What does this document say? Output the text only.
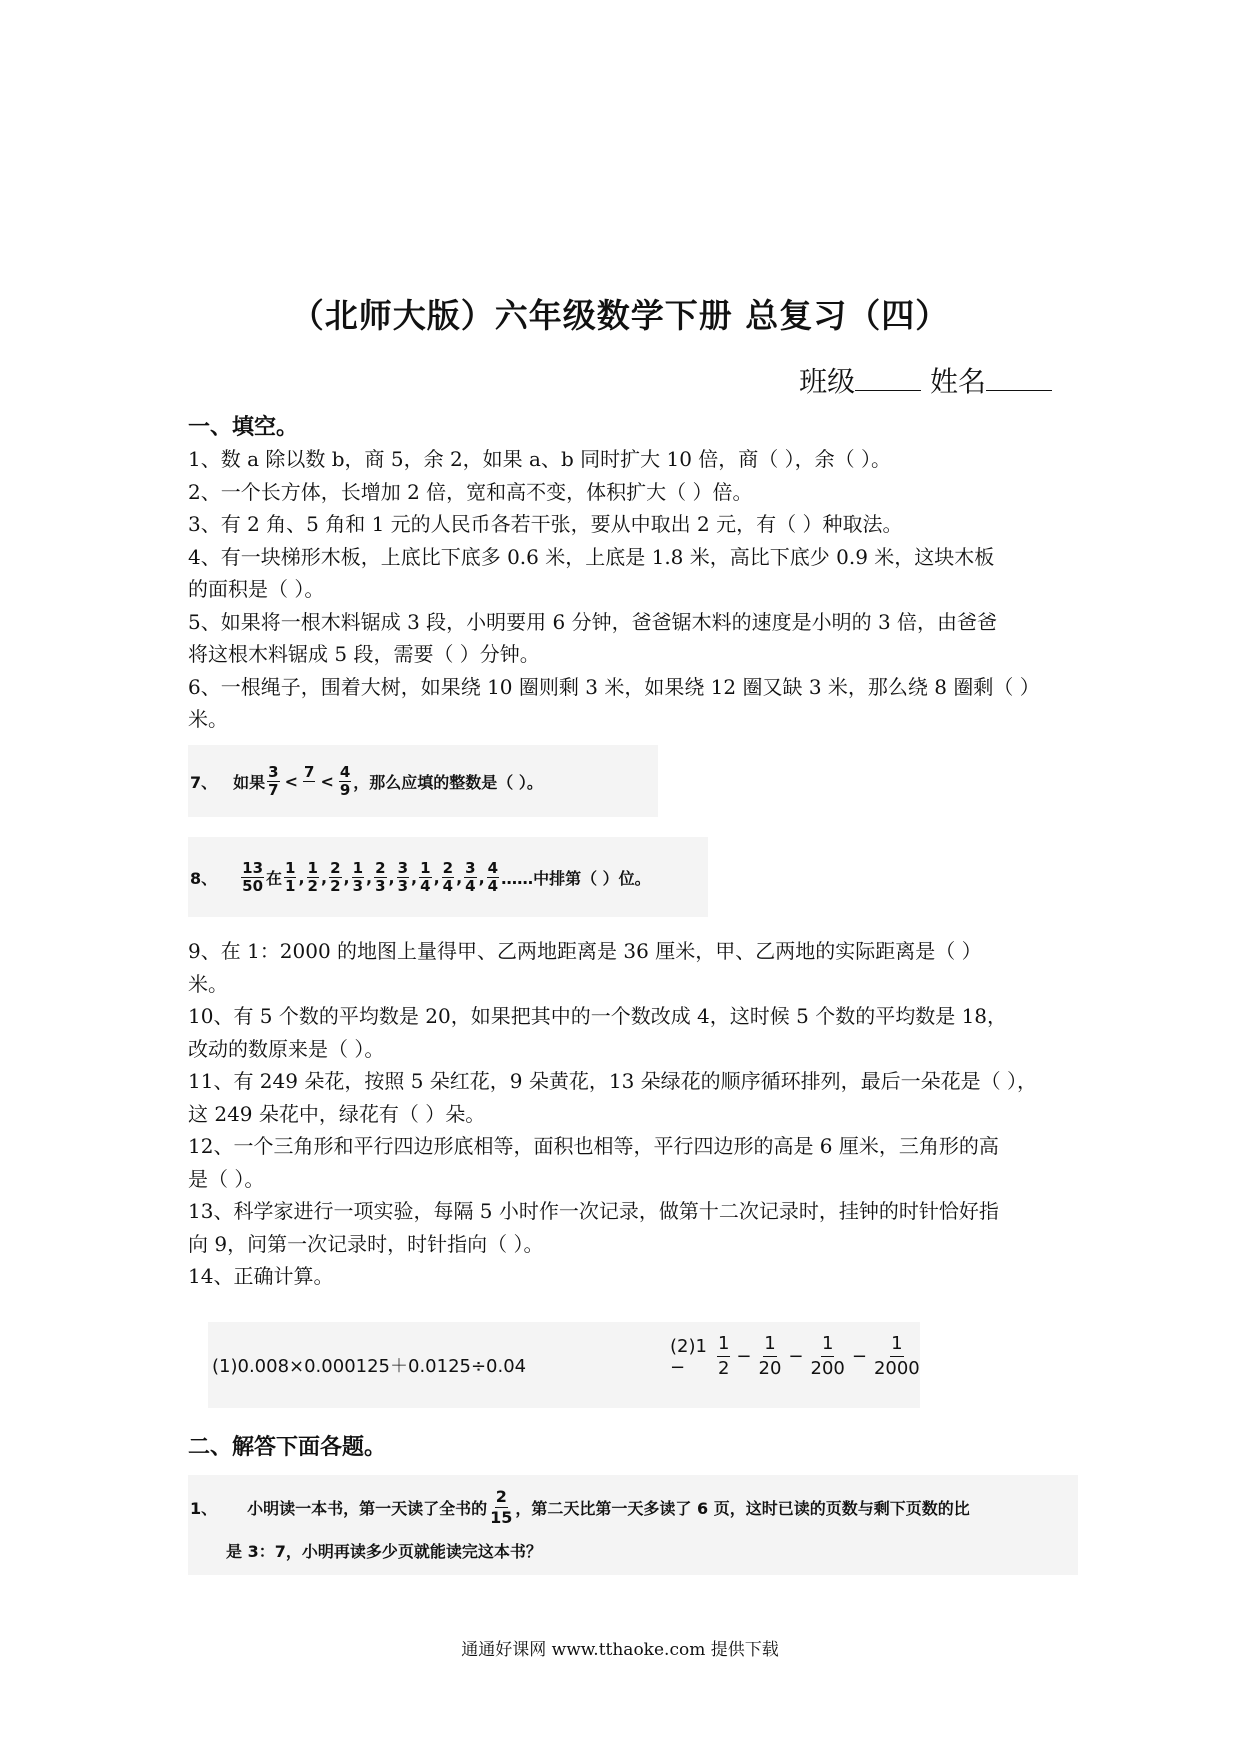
（北师大版）六年级数学下册 总复习（四）
班级	姓名
一、填空。

1、数 a 除以数 b，商 5，余 2，如果 a、b 同时扩大 10 倍，商（ ），余（ ）。

2、一个长方体，长增加 2 倍，宽和高不变，体积扩大（ ）倍。

3、有 2 角、5 角和 1 元的人民币各若干张，要从中取出 2 元，有（ ）种取法。

4、有一块梯形木板，上底比下底多 0.6 米，上底是 1.8 米，高比下底少 0.9 米，这块木板

的面积是（ ）。

5、如果将一根木料锯成 3 段，小明要用 6 分钟，爸爸锯木料的速度是小明的 3 倍，由爸爸

将这根木料锯成 5 段，需要（ ）分钟。

6、一根绳子，围着大树，如果绕 10 圈则剩 3 米，如果绕 12 圈又缺 3 米，那么绕 8 圈剩（ ）

米。

7、 如果 $\frac{3}{7} < 7 < \frac{4}{9}$ ，那么应填的整数是（ ）。
8、 $\frac{13}{50}$ 在 $\frac{1}{1}$ , $\frac{1}{2}$ , $\frac{2}{2}$ , $\frac{1}{3}$ , $\frac{2}{3}$ , $\frac{3}{3}$ , $\frac{1}{4}$ , $\frac{2}{4}$ , $\frac{3}{4}$ , $\frac{4}{4}$ ……中排第（ ）位。

9、在 1：2000 的地图上量得甲、乙两地距离是 36 厘米，甲、乙两地的实际距离是（ ）

米。

10、有 5 个数的平均数是 20，如果把其中的一个数改成 4，这时候 5 个数的平均数是 18，

改动的数原来是（ ）。

11、有 249 朵花，按照 5 朵红花，9 朵黄花，13 朵绿花的顺序循环排列，最后一朵花是（ ），

这 249 朵花中，绿花有（ ）朵。

12、一个三角形和平行四边形底相等，面积也相等，平行四边形的高是 6 厘米，三角形的高

是（ ）。

13、科学家进行一项实验，每隔 5 小时作一次记录，做第十二次记录时，挂钟的时针恰好指

向 9，问第一次记录时，时针指向（ ）。

14、正确计算。

(1)0.008×0.000125＋0.0125÷0.04
(2)1 −	$\frac{1}{2} - \frac{1}{20} - \frac{1}{200} - \frac{1}{2000}$
二、解答下面各题。
1、 小明读一本书，第一天读了全书的 $\frac{2}{15}$ ，第二天比第一天多读了 6 页，这时已读的页数与剩下页数的比
是 3：7，小明再读多少页就能读完这本书？
通通好课网 www.tthaoke.com 提供下载
